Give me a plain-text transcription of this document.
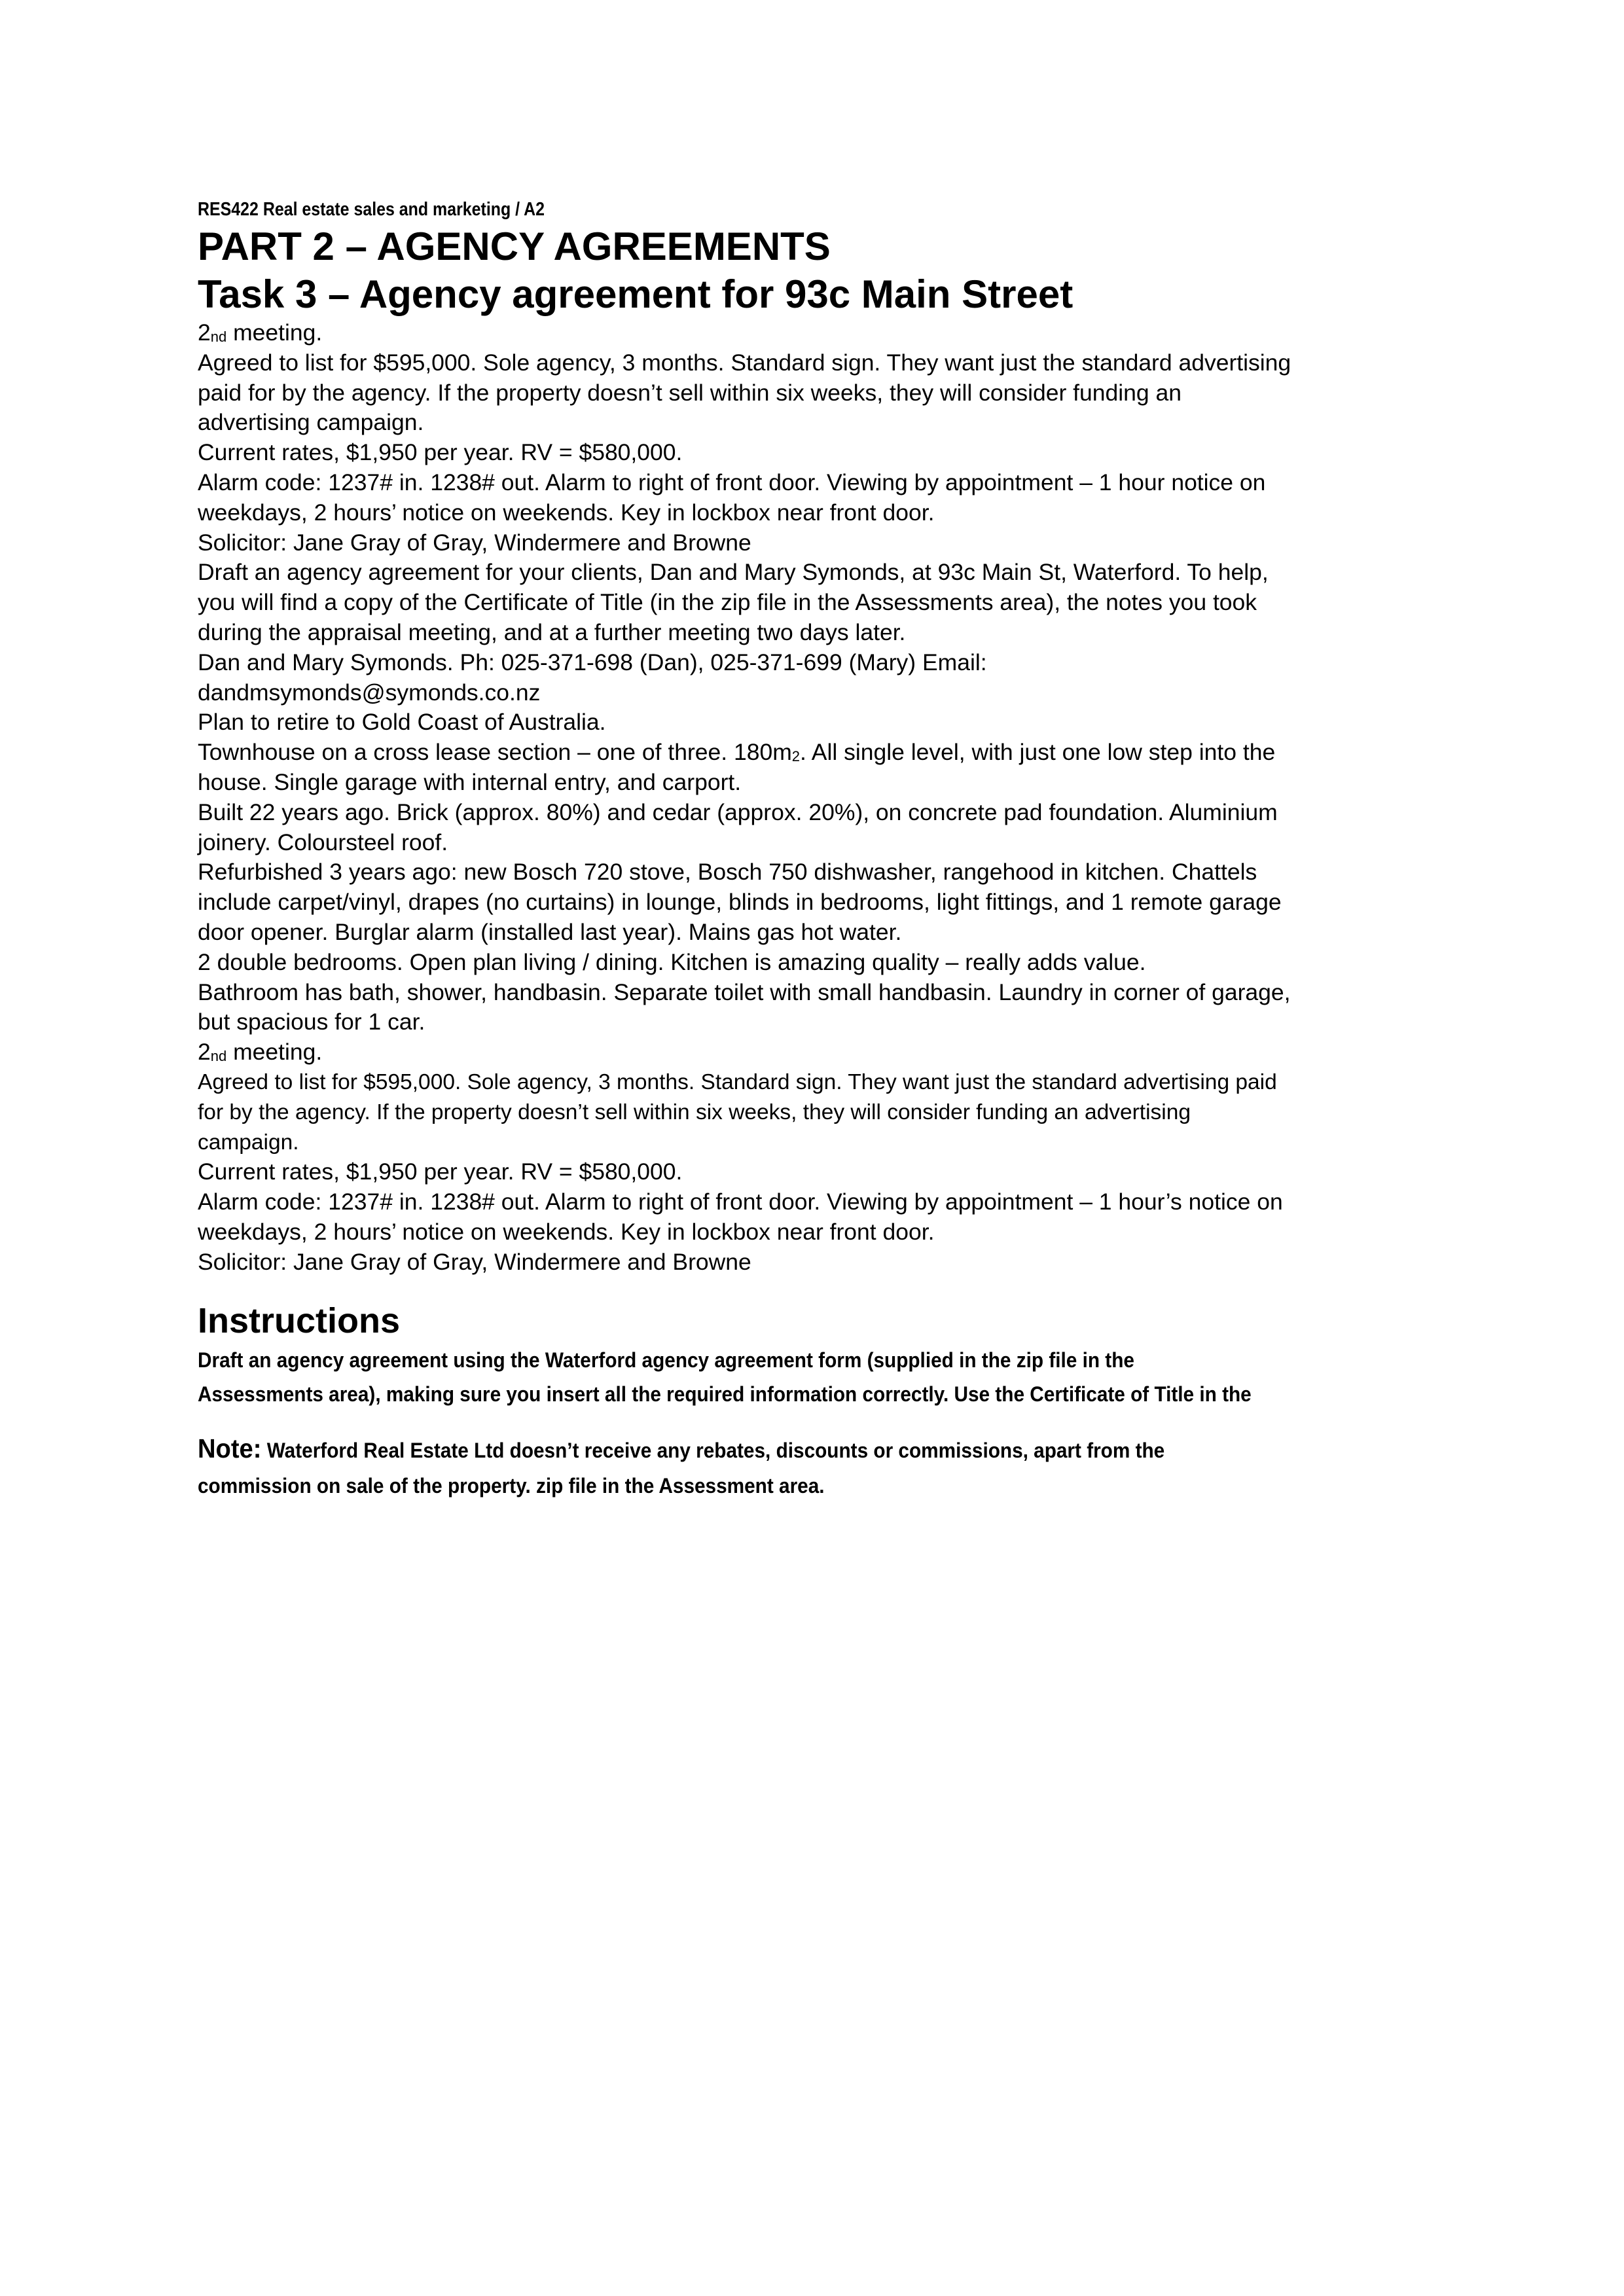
RES422 Real estate sales and marketing / A2

PART 2 – AGENCY AGREEMENTS
Task 3 – Agency agreement for 93c Main Street

2nd meeting.

Agreed to list for $595,000. Sole agency, 3 months. Standard sign. They want just the standard advertising

paid for by the agency. If the property doesn’t sell within six weeks, they will consider funding an

advertising campaign.

Current rates, $1,950 per year. RV = $580,000.

Alarm code: 1237# in. 1238# out. Alarm to right of front door. Viewing by appointment – 1 hour notice on

weekdays, 2 hours’ notice on weekends. Key in lockbox near front door.

Solicitor: Jane Gray of Gray, Windermere and Browne

Draft an agency agreement for your clients, Dan and Mary Symonds, at 93c Main St, Waterford. To help,

you will find a copy of the Certificate of Title (in the zip file in the Assessments area), the notes you took

during the appraisal meeting, and at a further meeting two days later.

Dan and Mary Symonds. Ph: 025-371-698 (Dan), 025-371-699 (Mary) Email:

dandmsymonds@symonds.co.nz

Plan to retire to Gold Coast of Australia.

Townhouse on a cross lease section – one of three. 180m2. All single level, with just one low step into the

house. Single garage with internal entry, and carport.

Built 22 years ago. Brick (approx. 80%) and cedar (approx. 20%), on concrete pad foundation. Aluminium

joinery. Coloursteel roof.

Refurbished 3 years ago: new Bosch 720 stove, Bosch 750 dishwasher, rangehood in kitchen. Chattels

include carpet/vinyl, drapes (no curtains) in lounge, blinds in bedrooms, light fittings, and 1 remote garage

door opener. Burglar alarm (installed last year). Mains gas hot water.

2 double bedrooms. Open plan living / dining. Kitchen is amazing quality – really adds value.

Bathroom has bath, shower, handbasin. Separate toilet with small handbasin. Laundry in corner of garage,

but spacious for 1 car.

2nd meeting.

Agreed to list for $595,000. Sole agency, 3 months. Standard sign. They want just the standard advertising paid

for by the agency. If the property doesn’t sell within six weeks, they will consider funding an advertising

campaign.

Current rates, $1,950 per year. RV = $580,000.

Alarm code: 1237# in. 1238# out. Alarm to right of front door. Viewing by appointment – 1 hour’s notice on

weekdays, 2 hours’ notice on weekends. Key in lockbox near front door.

Solicitor: Jane Gray of Gray, Windermere and Browne

Instructions

Draft an agency agreement using the Waterford agency agreement form (supplied in the zip file in the

Assessments area), making sure you insert all the required information correctly. Use the Certificate of Title in the

Note: Waterford Real Estate Ltd doesn’t receive any rebates, discounts or commissions, apart from the

commission on sale of the property. zip file in the Assessment area.
